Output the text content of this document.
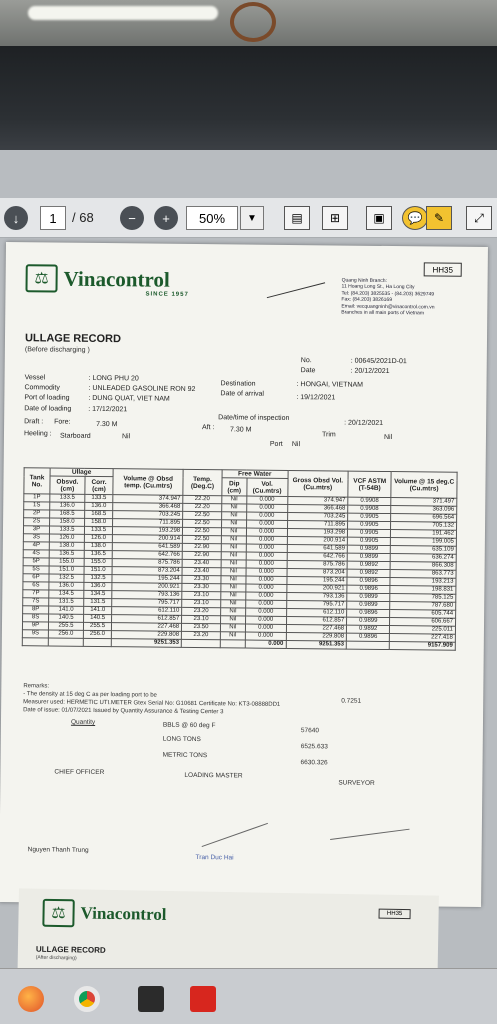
↓	1	/ 68	−	+	50%	▼	▤	⊞	▣	💬 ✎	⤢
⚖ Vinacontrol
SINCE 1957
HH35
Quang Ninh Branch:
11 Hoang Long St., Ha Long City
Tel: (84.203) 3825535 - (84.203) 3629749
Fax: (84.203) 3826169
Email: vecquangninh@vinacontrol.com.vn
Branches in all main ports of Vietnam
ULLAGE RECORD
(Before discharging )
No.	: 00645/2021D-01
Date	: 20/12/2021
Vessel	: LONG PHU 20
Destination	: HONGAI, VIETNAM
Commodity	: UNLEADED GASOLINE RON 92
Date of arrival
: 19/12/2021
Port of loading	: DUNG QUAT, VIET NAM
Date of loading : 17/12/2021
Date/time of inspection
: 20/12/2021
Draft : Fore:	7.30 M	Aft : 7.30 M
Trim	Nil
Heeling : Starboard	Nil
Port Nil
Tank No.	Ullage		Volume @ Obsd temp. (Cu.mtrs)	Temp. (Deg.C)	Free Water		Gross Obsd Vol. (Cu.mtrs)	VCF ASTM (T-54B)	Volume @ 15 deg.C (Cu.mtrs)
	Obsvd. (cm)	Corr. (cm)			Dip (cm)	Vol. (Cu.mtrs)			
1P	133.5	133.5	374.947	22.20	Nil	0.000	374.947	0.9908	371.497
1S	136.0	136.0	366.468	22.20	Nil	0.000	366.468	0.9908	363.096
2P	168.5	168.5	703.245	22.50	Nil	0.000	703.245	0.9905	696.564
2S	158.0	158.0	711.895	22.50	Nil	0.000	711.895	0.9905	705.132
3P	133.5	133.5	193.298	22.50	Nil	0.000	193.298	0.9905	191.462
3S	126.0	126.0	200.914	22.50	Nil	0.000	200.914	0.9905	199.005
4P	138.0	138.0	641.589	22.90	Nil	0.000	641.589	0.9899	635.109
4S	136.5	136.5	642.766	22.90	Nil	0.000	642.766	0.9899	636.274
5P	155.0	155.0	875.786	23.40	Nil	0.000	875.786	0.9892	866.308
5S	151.0	151.0	873.204	23.40	Nil	0.000	873.204	0.9892	863.773
6P	132.5	132.5	195.244	23.30	Nil	0.000	195.244	0.9896	193.213
6S	136.0	136.0	200.921	23.30	Nil	0.000	200.921	0.9896	198.831
7P	134.5	134.5	793.136	23.10	Nil	0.000	793.136	0.9899	785.125
7S	131.5	131.5	795.717	23.10	Nil	0.000	795.717	0.9899	787.680
8P	141.0	141.0	612.110	23.20	Nil	0.000	612.110	0.9896	605.744
8S	140.5	140.5	612.857	23.10	Nil	0.000	612.857	0.9899	606.667
9P	255.5	255.5	227.468	23.50	Nil	0.000	227.468	0.9892	225.011
9S	256.0	256.0	229.808	23.20	Nil	0.000	229.808	0.9896	227.418
			9251.353			0.000	9251.353		9157.909
Remarks:
- The density at 15 deg C as per loading port to be
Measurer used: HERMETIC UTI.METER Gtex Serial No: G10681 Certificate No: KT3-08888DD1
Date of issue: 01/07/2021 Issued by Quantity Assurance & Testing Center 3
0.7251
Quantity	BBLS @ 60 deg F
57640
LONG TONS
6525.633
METRIC TONS
6630.326
CHIEF OFFICER	LOADING MASTER
SURVEYOR
Nguyen Thanh Trung
Tran Duc Hai
⚖ Vinacontrol	HH35
ULLAGE RECORD
(After discharging)
